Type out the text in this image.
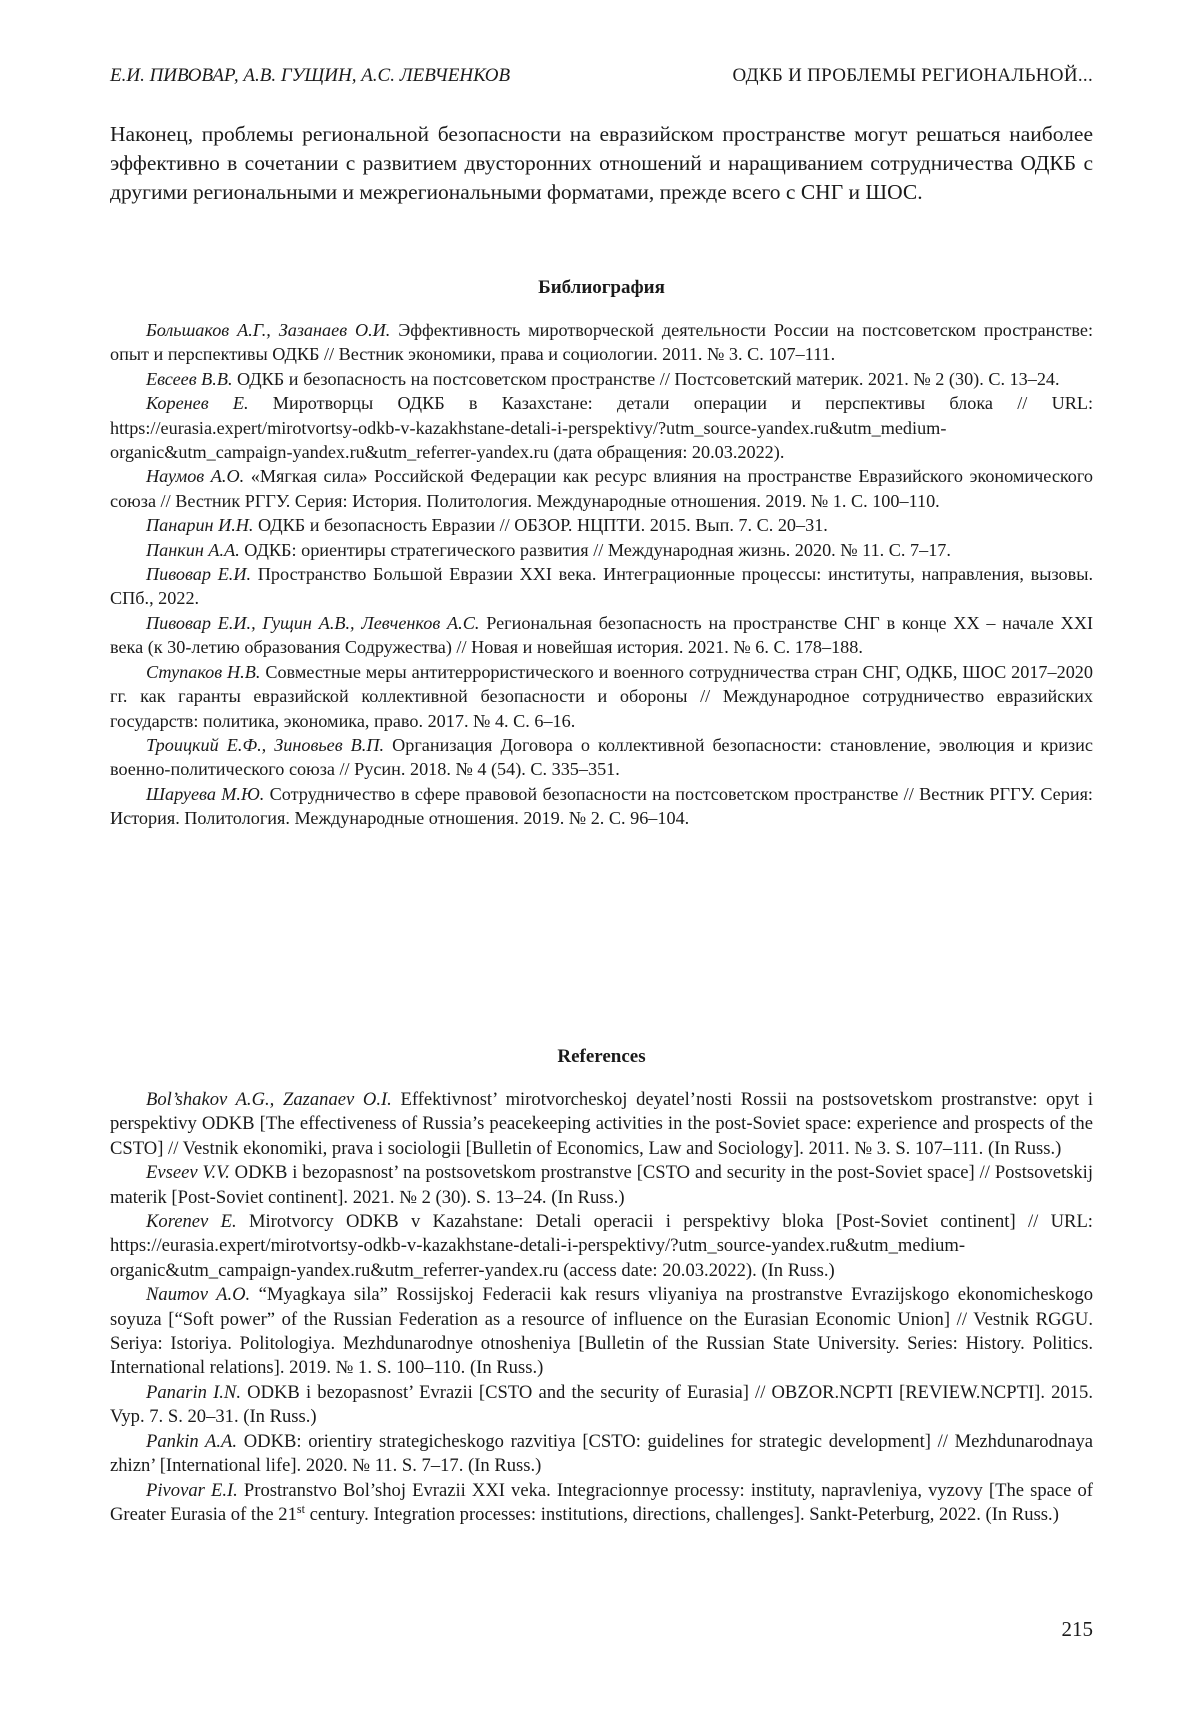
Е.И. ПИВОВАР, А.В. ГУЩИН, А.С. ЛЕВЧЕНКОВ	ОДКБ И ПРОБЛЕМЫ РЕГИОНАЛЬНОЙ...

Наконец, проблемы региональной безопасности на евразийском пространстве могут решаться наиболее эффективно в сочетании с развитием двусторонних отношений и наращиванием сотрудничества ОДКБ с другими региональными и межрегиональными форматами, прежде всего с СНГ и ШОС.

Библиография
Большаков А.Г., Зазанаев О.И. Эффективность миротворческой деятельности России на постсоветском пространстве: опыт и перспективы ОДКБ // Вестник экономики, права и социологии. 2011. № 3. С. 107–111.
Евсеев В.В. ОДКБ и безопасность на постсоветском пространстве // Постсоветский материк. 2021. № 2 (30). С. 13–24.
Коренев Е. Миротворцы ОДКБ в Казахстане: детали операции и перспективы блока // URL: https://eurasia.expert/mirotvortsy-odkb-v-kazakhstane-detali-i-perspektivy/?utm_source-yandex.ru&utm_medium-organic&utm_campaign-yandex.ru&utm_referrer-yandex.ru (дата обращения: 20.03.2022).
Наумов А.О. «Мягкая сила» Российской Федерации как ресурс влияния на пространстве Евразийского экономического союза // Вестник РГГУ. Серия: История. Политология. Международные отношения. 2019. № 1. С. 100–110.
Панарин И.Н. ОДКБ и безопасность Евразии // ОБЗОР. НЦПТИ. 2015. Вып. 7. С. 20–31.
Панкин А.А. ОДКБ: ориентиры стратегического развития // Международная жизнь. 2020. № 11. С. 7–17.
Пивовар Е.И. Пространство Большой Евразии XXI века. Интеграционные процессы: институты, направления, вызовы. СПб., 2022.
Пивовар Е.И., Гущин А.В., Левченков А.С. Региональная безопасность на пространстве СНГ в конце XX – начале XXI века (к 30-летию образования Содружества) // Новая и новейшая история. 2021. № 6. С. 178–188.
Ступаков Н.В. Совместные меры антитеррористического и военного сотрудничества стран СНГ, ОДКБ, ШОС 2017–2020 гг. как гаранты евразийской коллективной безопасности и обороны // Международное сотрудничество евразийских государств: политика, экономика, право. 2017. № 4. С. 6–16.
Троицкий Е.Ф., Зиновьев В.П. Организация Договора о коллективной безопасности: становление, эволюция и кризис военно-политического союза // Русин. 2018. № 4 (54). С. 335–351.
Шаруева М.Ю. Сотрудничество в сфере правовой безопасности на постсоветском пространстве // Вестник РГГУ. Серия: История. Политология. Международные отношения. 2019. № 2. С. 96–104.
References
Bol’shakov A.G., Zazanaev O.I. Effektivnost’ mirotvorcheskoj deyatel’nosti Rossii na postsovetskom prostranstve: opyt i perspektivy ODKB [The effectiveness of Russia’s peacekeeping activities in the post-Soviet space: experience and prospects of the CSTO] // Vestnik ekonomiki, prava i sociologii [Bulletin of Economics, Law and Sociology]. 2011. № 3. S. 107–111. (In Russ.)
Evseev V.V. ODKB i bezopasnost’ na postsovetskom prostranstve [CSTO and security in the post-Soviet space] // Postsovetskij materik [Post-Soviet continent]. 2021. № 2 (30). S. 13–24. (In Russ.)
Korenev E. Mirotvorcy ODKB v Kazahstane: Detali operacii i perspektivy bloka [Post-Soviet continent] // URL: https://eurasia.expert/mirotvortsy-odkb-v-kazakhstane-detali-i-perspektivy/?utm_source-yandex.ru&utm_medium-organic&utm_campaign-yandex.ru&utm_referrer-yandex.ru (access date: 20.03.2022). (In Russ.)
Naumov A.O. “Myagkaya sila” Rossijskoj Federacii kak resurs vliyaniya na prostranstve Evrazijskogo ekonomicheskogo soyuza [“Soft power” of the Russian Federation as a resource of influence on the Eurasian Economic Union] // Vestnik RGGU. Seriya: Istoriya. Politologiya. Mezhdunarodnye otnosheniya [Bulletin of the Russian State University. Series: History. Politics. International relations]. 2019. № 1. S. 100–110. (In Russ.)
Panarin I.N. ODKB i bezopasnost’ Evrazii [CSTO and the security of Eurasia] // OBZOR.NCPTI [REVIEW.NCPTI]. 2015. Vyp. 7. S. 20–31. (In Russ.)
Pankin A.A. ODKB: orientiry strategicheskogo razvitiya [CSTO: guidelines for strategic development] // Mezhdunarodnaya zhizn’ [International life]. 2020. № 11. S. 7–17. (In Russ.)
Pivovar E.I. Prostranstvo Bol’shoj Evrazii XXI veka. Integracionnye processy: instituty, napravleniya, vyzovy [The space of Greater Eurasia of the 21st century. Integration processes: institutions, directions, challenges]. Sankt-Peterburg, 2022. (In Russ.)
215
